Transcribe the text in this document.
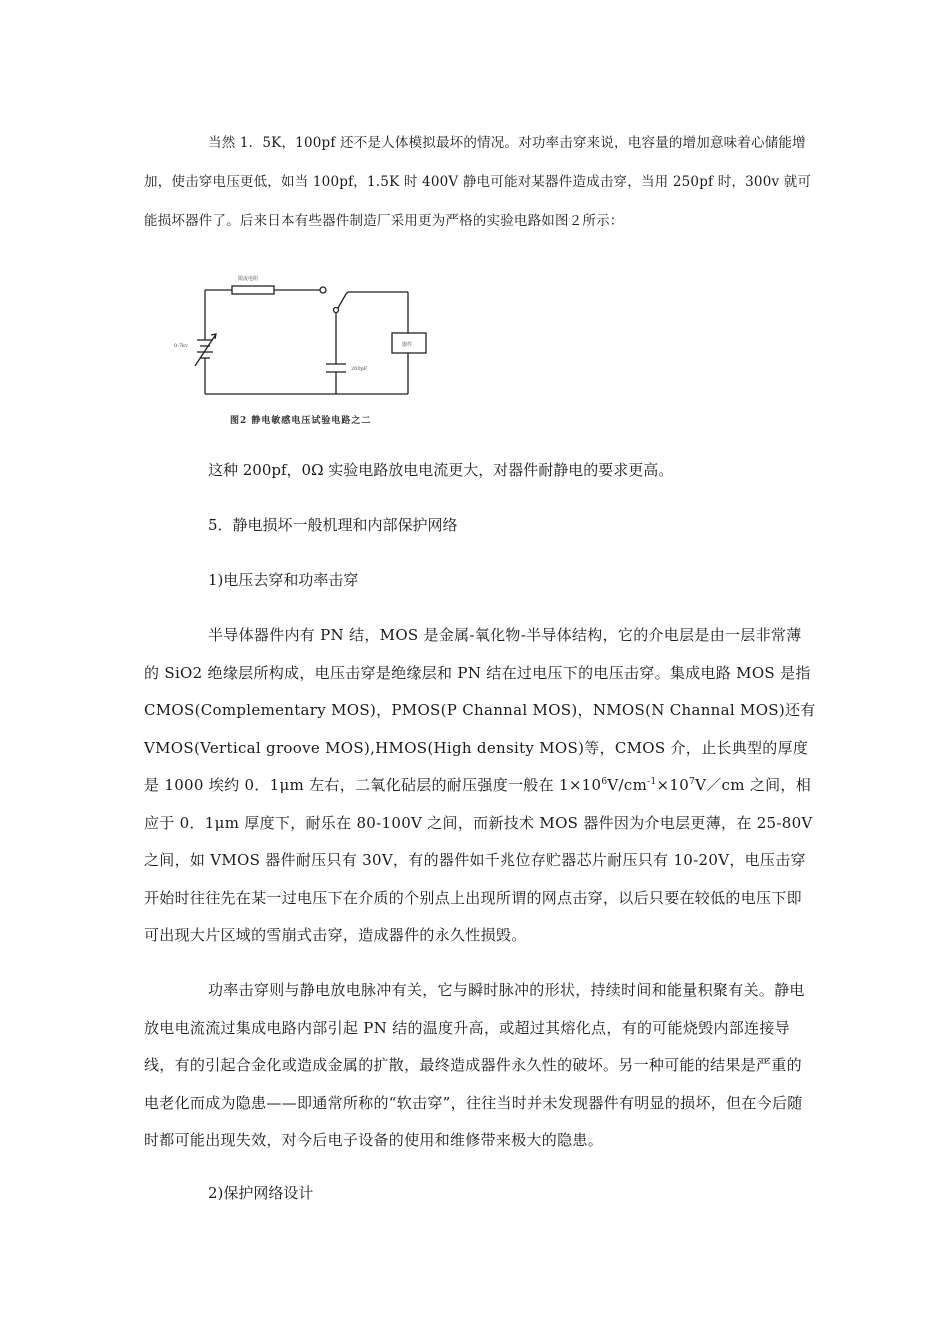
当然 1．5K，100pf 还不是人体模拟最坏的情况。对功率击穿来说，电容量的增加意味着心储能增加，使击穿电压更低，如当 100pf，1.5K 时 400V 静电可能对某器件造成击穿，当用 250pf 时，300v 就可能损坏器件了。后来日本有些器件制造厂采用更为严格的实验电路如图２所示：

限流电阻
0-7kv
200pF
器件
图2 静电敏感电压试验电路之二

这种 200pf，0Ω 实验电路放电电流更大，对器件耐静电的要求更高。

5．静电损坏一般机理和内部保护网络

1)电压去穿和功率击穿

半导体器件内有 PN 结，MOS 是金属-氧化物-半导体结构，它的介电层是由一层非常薄的 SiO2 绝缘层所构成，电压击穿是绝缘层和 PN 结在过电压下的电压击穿。集成电路 MOS 是指 CMOS(Complementary MOS)，PMOS(P Channal MOS)，NMOS(N Channal MOS)还有 VMOS(Vertical groove MOS),HMOS(High density MOS)等，CMOS 介，止长典型的厚度是 1000 埃约 0．1μm 左右，二氧化砧层的耐压强度一般在 $1\times 10^6V/cm^{-1}\times 10^7V/cm$ 之间，相应于 0．1μm 厚度下，耐乐在 80-100V 之间，而新技术 MOS 器件因为介电层更薄，在 25-80V 之间，如 VMOS 器件耐压只有 30V，有的器件如千兆位存贮器芯片耐压只有 10-20V，电压击穿开始时往往先在某一过电压下在介质的个别点上出现所谓的网点击穿，以后只要在较低的电压下即可出现大片区域的雪崩式击穿，造成器件的永久性损毁。

功率击穿则与静电放电脉冲有关，它与瞬时脉冲的形状，持续时间和能量积聚有关。静电放电电流流过集成电路内部引起 PN 结的温度升高，或超过其熔化点，有的可能烧毁内部连接导线，有的引起合金化或造成金属的扩散，最终造成器件永久性的破坏。另一种可能的结果是严重的电老化而成为隐患——即通常所称的“软击穿”，往往当时并未发现器件有明显的损坏，但在今后随时都可能出现失效，对今后电子设备的使用和维修带来极大的隐患。

2)保护网络设计
